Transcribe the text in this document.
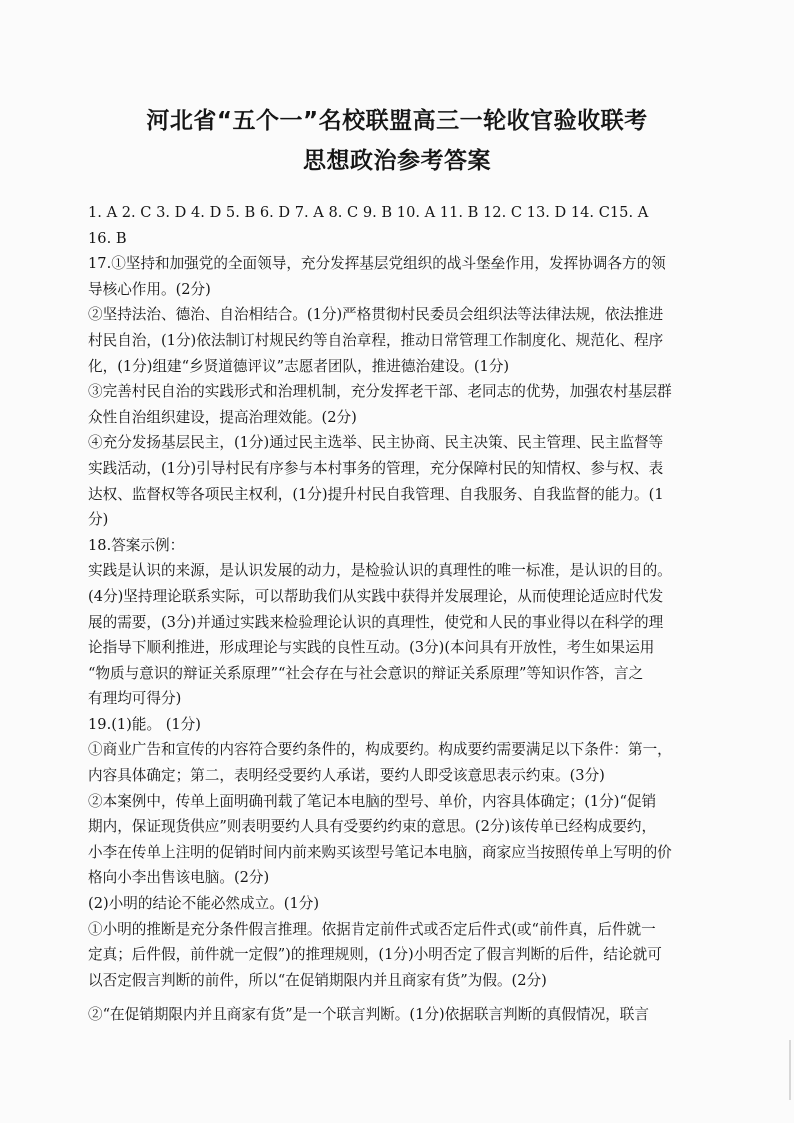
河北省“五个一”名校联盟高三一轮收官验收联考
思想政治参考答案
1. A 2. C 3. D 4. D 5. B 6. D 7. A 8. C 9. B 10. A 11. B 12. C 13. D 14. C15. A
16. B
17.①坚持和加强党的全面领导，充分发挥基层党组织的战斗堡垒作用，发挥协调各方的领
导核心作用。(2分)
②坚持法治、德治、自治相结合。(1分)严格贯彻村民委员会组织法等法律法规，依法推进
村民自治，(1分)依法制订村规民约等自治章程，推动日常管理工作制度化、规范化、程序
化，(1分)组建“乡贤道德评议”志愿者团队，推进德治建设。(1分)
③完善村民自治的实践形式和治理机制，充分发挥老干部、老同志的优势，加强农村基层群
众性自治组织建设，提高治理效能。(2分)
④充分发扬基层民主，(1分)通过民主选举、民主协商、民主决策、民主管理、民主监督等
实践活动，(1分)引导村民有序参与本村事务的管理，充分保障村民的知情权、参与权、表
达权、监督权等各项民主权利，(1分)提升村民自我管理、自我服务、自我监督的能力。(1
分)
18.答案示例：
实践是认识的来源，是认识发展的动力，是检验认识的真理性的唯一标准，是认识的目的。
(4分)坚持理论联系实际，可以帮助我们从实践中获得并发展理论，从而使理论适应时代发
展的需要，(3分)并通过实践来检验理论认识的真理性，使党和人民的事业得以在科学的理
论指导下顺利推进，形成理论与实践的良性互动。(3分)(本问具有开放性，考生如果运用
“物质与意识的辩证关系原理”“社会存在与社会意识的辩证关系原理”等知识作答，言之
有理均可得分)
19.(1)能。 (1分)
①商业广告和宣传的内容符合要约条件的，构成要约。构成要约需要满足以下条件：第一，
内容具体确定；第二，表明经受要约人承诺，要约人即受该意思表示约束。(3分)
②本案例中，传单上面明确刊载了笔记本电脑的型号、单价，内容具体确定；(1分)“促销
期内，保证现货供应”则表明要约人具有受要约约束的意思。(2分)该传单已经构成要约，
小李在传单上注明的促销时间内前来购买该型号笔记本电脑，商家应当按照传单上写明的价
格向小李出售该电脑。(2分)
(2)小明的结论不能必然成立。(1分)
①小明的推断是充分条件假言推理。依据肯定前件式或否定后件式(或“前件真，后件就一
定真；后件假，前件就一定假”)的推理规则，(1分)小明否定了假言判断的后件，结论就可
以否定假言判断的前件，所以“在促销期限内并且商家有货”为假。(2分)
②“在促销期限内并且商家有货”是一个联言判断。(1分)依据联言判断的真假情况，联言
